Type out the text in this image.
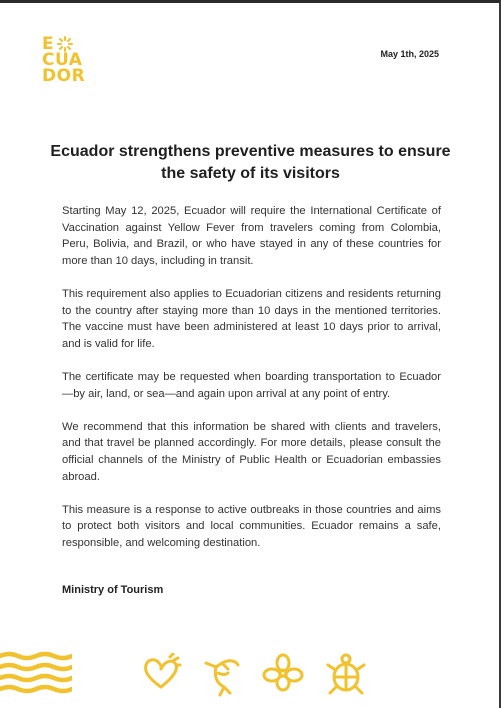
E
CUA
DOR
May 1th, 2025
Ecuador strengthens preventive measures to ensure the safety of its visitors

Starting May 12, 2025, Ecuador will require the International Certificate of Vaccination against Yellow Fever from travelers coming from Colombia, Peru, Bolivia, and Brazil, or who have stayed in any of these countries for more than 10 days, including in transit.

This requirement also applies to Ecuadorian citizens and residents returning to the country after staying more than 10 days in the mentioned territories. The vaccine must have been administered at least 10 days prior to arrival, and is valid for life.

The certificate may be requested when boarding transportation to Ecuador—by air, land, or sea—and again upon arrival at any point of entry.

We recommend that this information be shared with clients and travelers, and that travel be planned accordingly. For more details, please consult the official channels of the Ministry of Public Health or Ecuadorian embassies abroad.

This measure is a response to active outbreaks in those countries and aims to protect both visitors and local communities. Ecuador remains a safe, responsible, and welcoming destination.

Ministry of Tourism
